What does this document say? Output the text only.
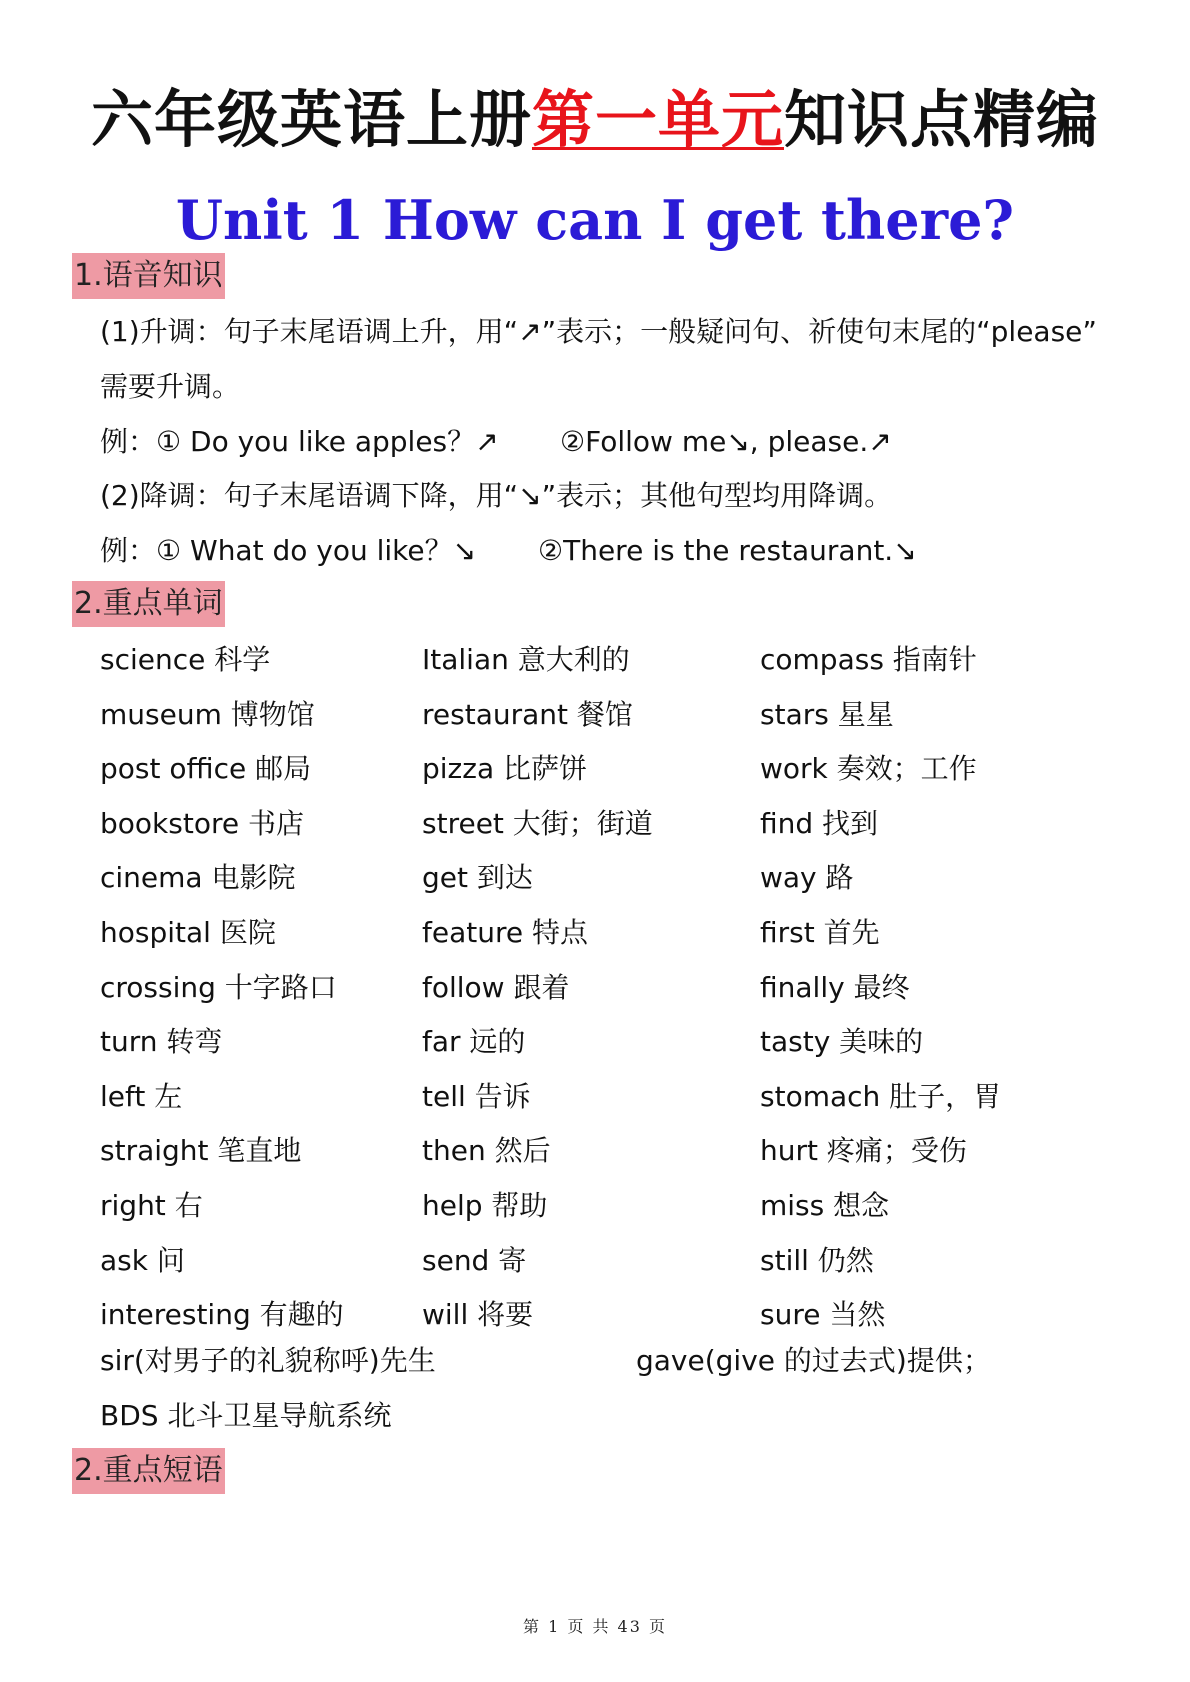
六年级英语上册第一单元知识点精编
Unit 1 How can I get there?
1.语音知识
(1)升调：句子末尾语调上升，用“↗”表示；一般疑问句、祈使句末尾的“please”
需要升调。
例：① Do you like apples？↗ ②Follow me↘, please.↗
(2)降调：句子末尾语调下降，用“↘”表示；其他句型均用降调。
例：① What do you like？↘ ②There is the restaurant.↘
2.重点单词
science 科学
museum 博物馆
post office 邮局
bookstore 书店
cinema 电影院
hospital 医院
crossing 十字路口
turn 转弯
left 左
straight 笔直地
right 右
ask 问
interesting 有趣的
Italian 意大利的
restaurant 餐馆
pizza 比萨饼
street 大街；街道
get 到达
feature 特点
follow 跟着
far 远的
tell 告诉
then 然后
help 帮助
send 寄
will 将要
compass 指南针
stars 星星
work 奏效；工作
find 找到
way 路
first 首先
finally 最终
tasty 美味的
stomach 肚子，胃
hurt 疼痛；受伤
miss 想念
still 仍然
sure 当然
sir(对男子的礼貌称呼)先生	gave(give 的过去式)提供；
BDS 北斗卫星导航系统
2.重点短语
第 1 页 共 43 页
